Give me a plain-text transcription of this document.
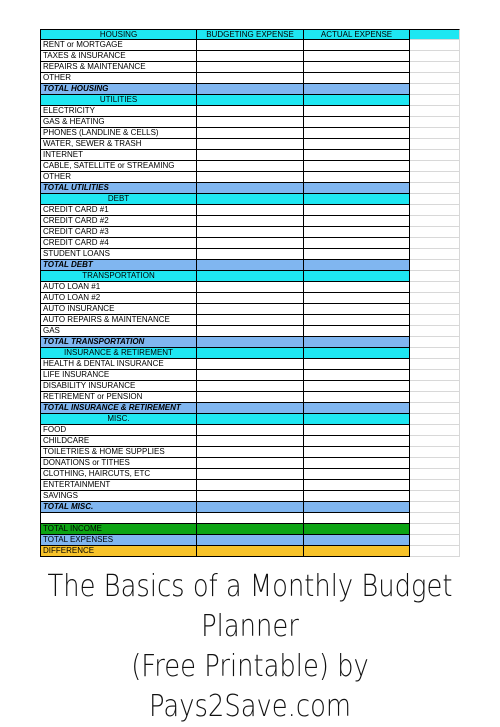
HOUSING	BUDGETING EXPENSE	ACTUAL EXPENSE
RENT or MORTGAGE
TAXES & INSURANCE
REPAIRS & MAINTENANCE
OTHER
TOTAL HOUSING
UTILITIES
ELECTRICITY
GAS & HEATING
PHONES (LANDLINE & CELLS)
WATER, SEWER & TRASH
INTERNET
CABLE, SATELLITE or STREAMING
OTHER
TOTAL UTILITIES
DEBT
CREDIT CARD #1
CREDIT CARD #2
CREDIT CARD #3
CREDIT CARD #4
STUDENT LOANS
TOTAL DEBT
TRANSPORTATION
AUTO LOAN #1
AUTO LOAN #2
AUTO INSURANCE
AUTO REPAIRS & MAINTENANCE
GAS
TOTAL TRANSPORTATION
INSURANCE & RETIREMENT
HEALTH & DENTAL INSURANCE
LIFE INSURANCE
DISABILITY INSURANCE
RETIREMENT or PENSION
TOTAL INSURANCE & RETIREMENT
MISC.
FOOD
CHILDCARE
TOILETRIES & HOME SUPPLIES
DONATIONS or TITHES
CLOTHING, HAIRCUTS, ETC
ENTERTAINMENT
SAVINGS
TOTAL MISC.
TOTAL INCOME
TOTAL EXPENSES
DIFFERENCE
The Basics of a Monthly Budget Planner
(Free Printable) by Pays2Save.com
